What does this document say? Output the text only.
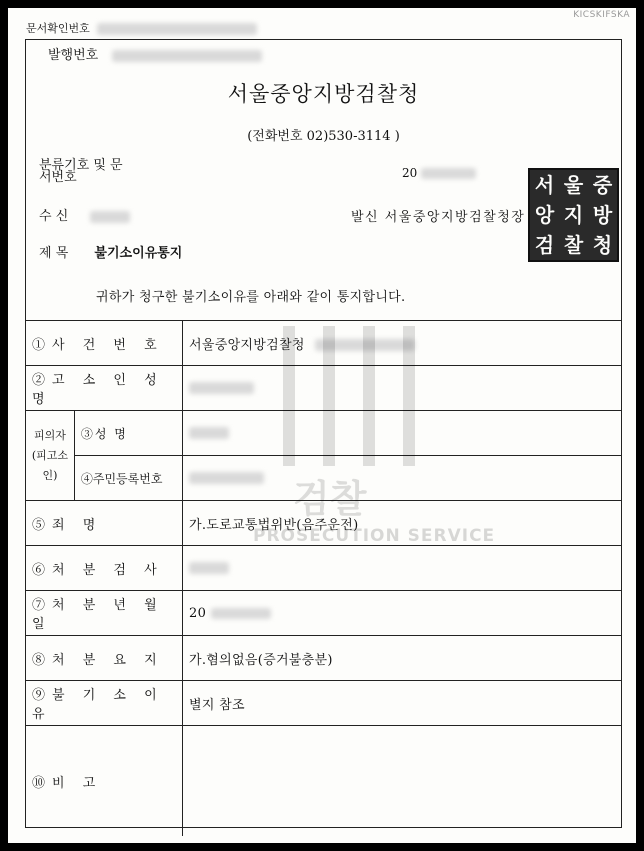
KICSKIFSKA
문서확인번호
발행번호
서울중앙지방검찰청
(전화번호 02)530-3114 )
분류기호 및 문서번호	20
수 신	발신 서울중앙지방검찰청장
서 울 중
앙 지 방
검 찰 청
제 목 불기소이유통지
귀하가 청구한 불기소이유를 아래와 같이 통지합니다.
①사 건 번 호		서울중앙지방검찰청
②고 소 인 성 명		

피의자
(피고소인)	③성 명	
	④주민등록번호	
⑤죄 명		가.도로교통법위반(음주운전)
⑥처 분 검 사		
⑦처 분 년 월 일		20
⑧처 분 요 지		가.혐의없음(증거불충분)
⑨불 기 소 이 유		별지 참조
⑩비 고		
검찰
PROSECUTION SERVICE
